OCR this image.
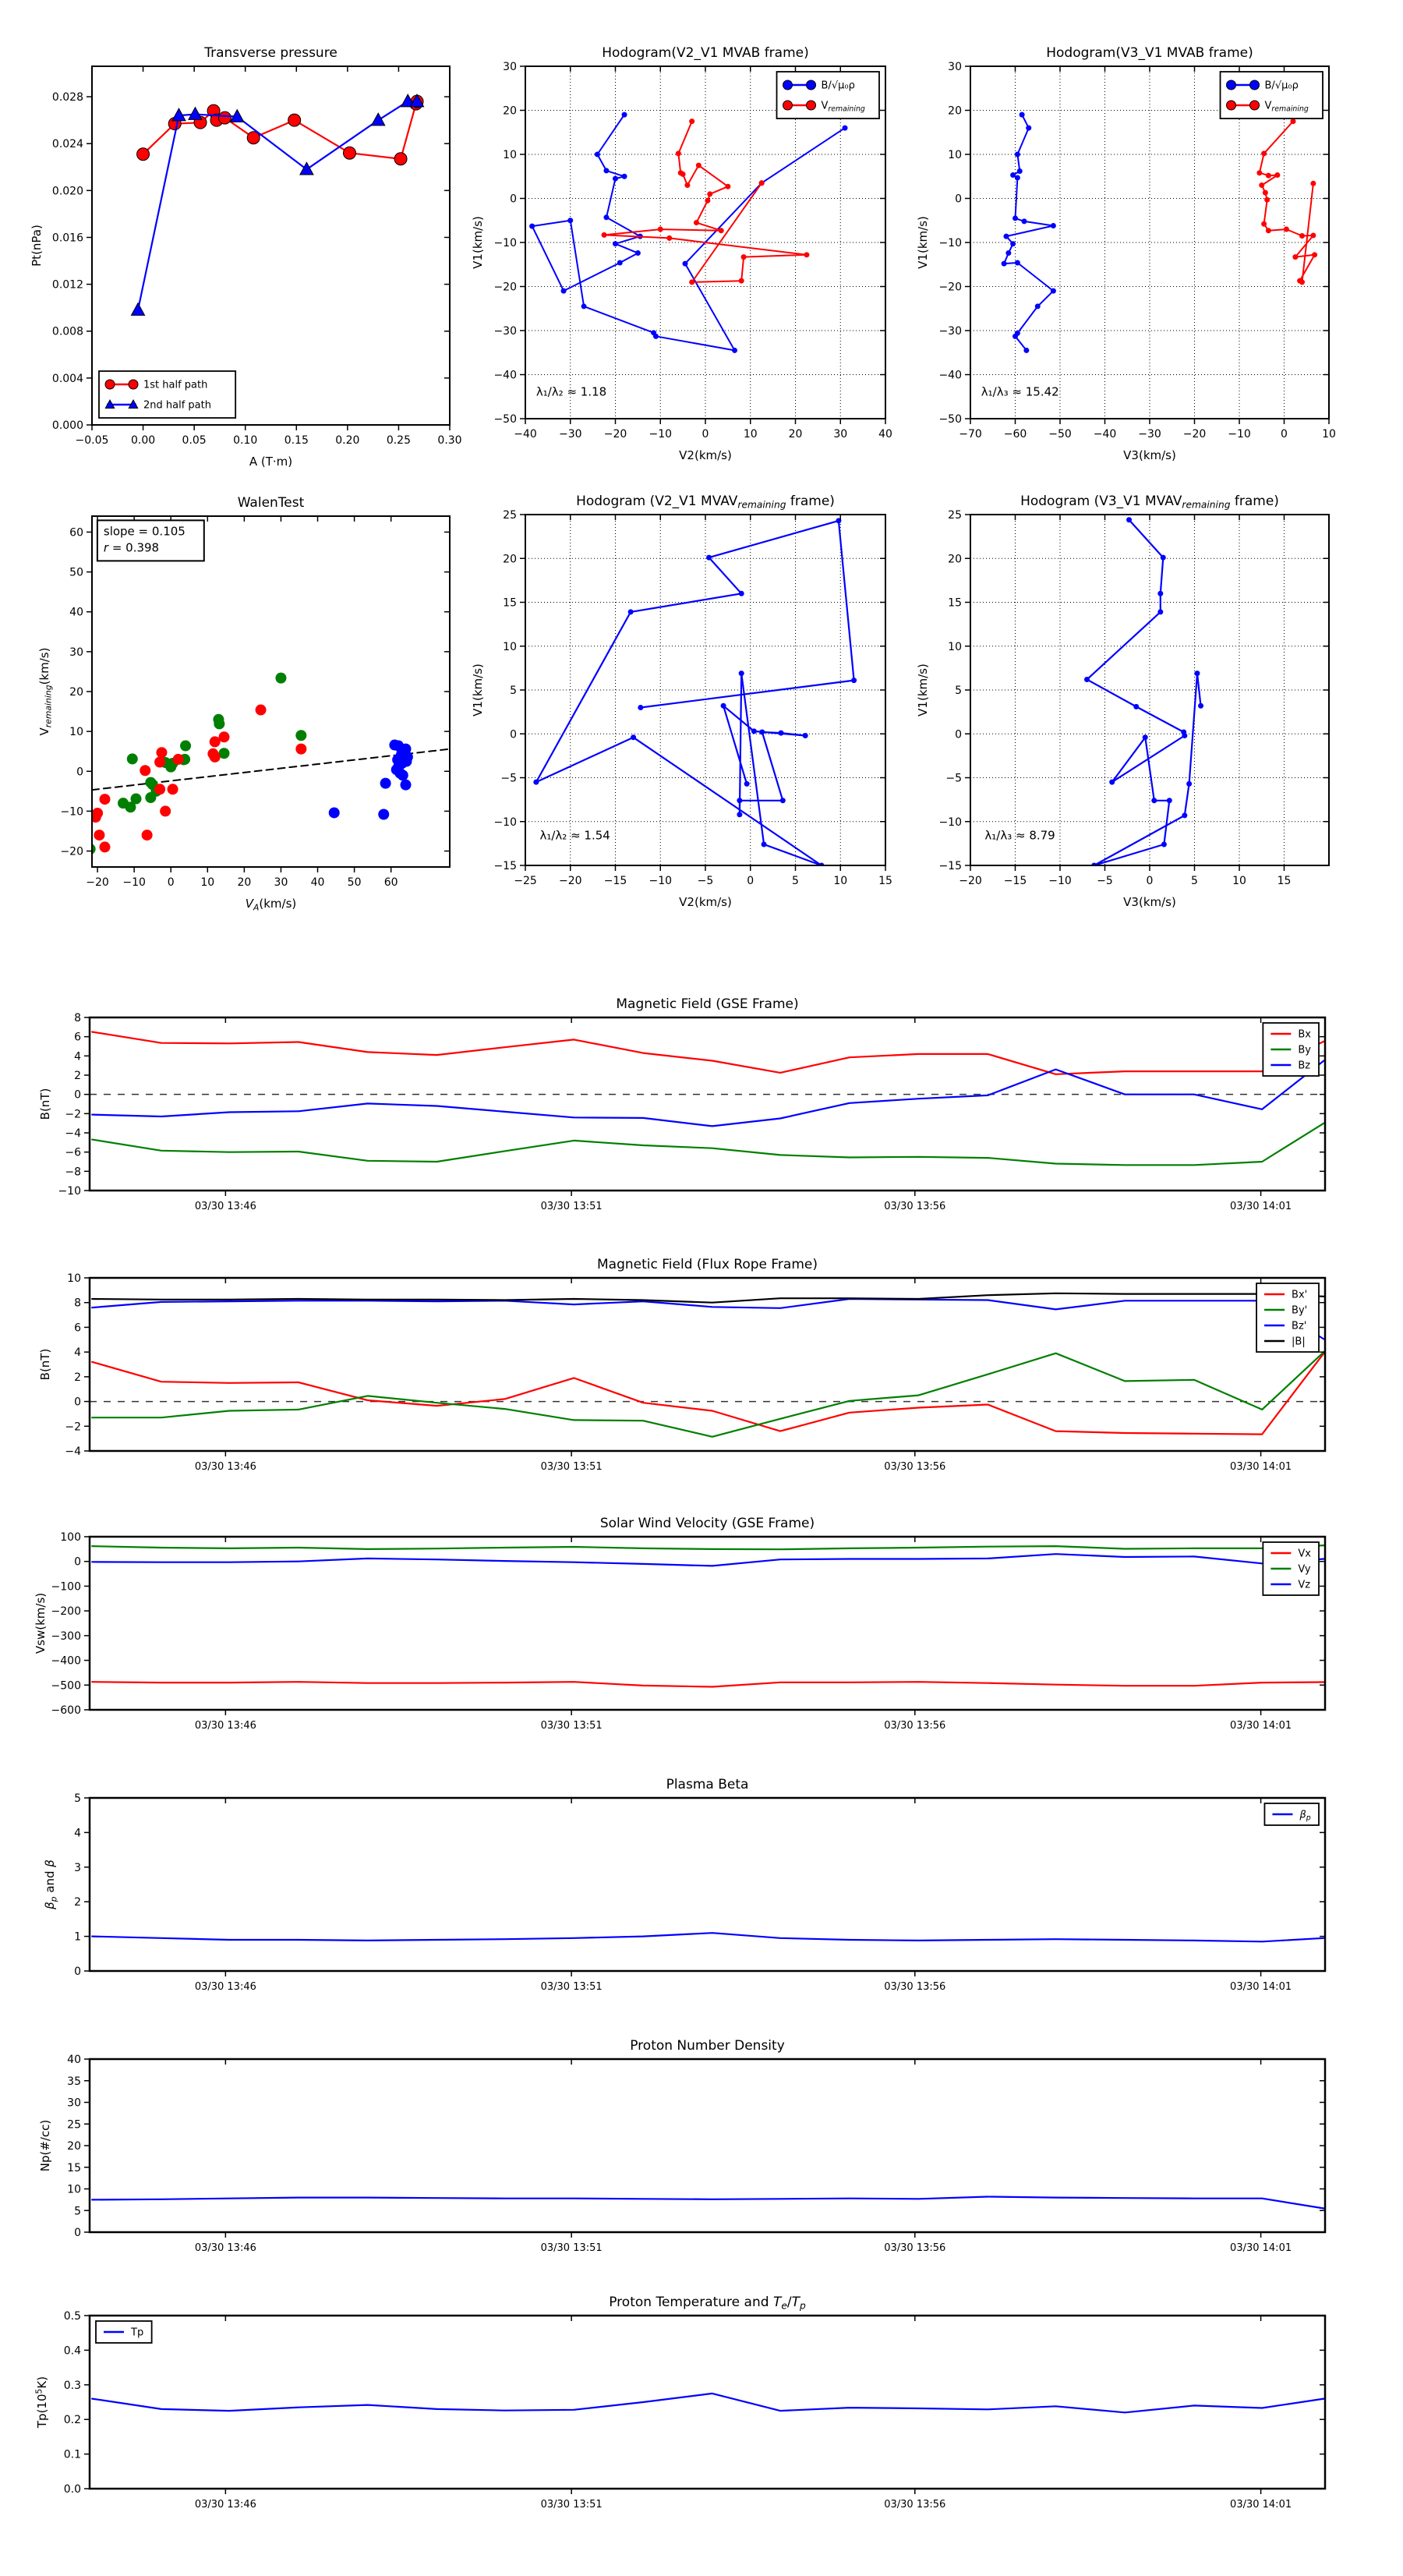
−0.05 0.00 0.05 0.10 0.15 0.20 0.25 0.30
0.000
0.004
0.008
0.012
0.016
0.020
0.024
0.028
Transverse pressure
A (T·m)
Pt(nPa)
1st half path
2nd half path
−40 −30 −20 −10	0	10	20	30	40
−50
−40
−30
−20
−10
0
10
20
30
Hodogram(V2_V1 MVAB frame)
V2(km/s)
V1(km/s)
λ₁/λ₂ ≈ 1.18
B/√μ₀ρ
$V_{remaining}$
−70 −60 −50 −40 −30 −20 −10	0	10
−50
−40
−30
−20
−10
0
10
20
30
Hodogram(V3_V1 MVAB frame)
V3(km/s)
V1(km/s)
λ₁/λ₃ ≈ 15.42
B/√μ₀ρ
$V_{remaining}$
−20 −10 0 10 20 30 40 50 60
−20
−10
0
10
20
30
40
50
60
WalenTest
$V_A(km/s)$
$V_{remaining}(km/s)$
slope = 0.105
r = 0.398
−25 −20 −15 −10 −5	0	5	10	15
−15
−10
−5
0
5
10
15
20
25
Hodogram (V2_V1 $MVAV_{remaining}$ frame)
V2(km/s)
V1(km/s)
λ₁/λ₂ ≈ 1.54
−20 −15 −10 −5	0	5	10	15
−15
−10
−5
0
5
10
15
20
25
Hodogram (V3_V1 $MVAV_{remaining}$ frame)
V3(km/s)
V1(km/s)
λ₁/λ₃ ≈ 8.79
03/30 13:46	03/30 13:51	03/30 13:56	03/30 14:01
−10
−8
−6
−4
−2
0
2
4
6
8
Magnetic Field (GSE Frame)
B(nT)
Bx
By
Bz
03/30 13:46	03/30 13:51	03/30 13:56	03/30 14:01
−4
−2
0
2
4
6
8
10
Magnetic Field (Flux Rope Frame)
B(nT)
Bx'
By'
Bz'
|B|
03/30 13:46	03/30 13:51	03/30 13:56	03/30 14:01
−600
−500
−400
−300
−200
−100
0
100
Solar Wind Velocity (GSE Frame)
Vsw(km/s)
Vx
Vy
Vz
03/30 13:46	03/30 13:51	03/30 13:56	03/30 14:01
0
1
2
3
4
5
Plasma Beta
$\beta_p$ and β
$\beta_p$
03/30 13:46	03/30 13:51	03/30 13:56	03/30 14:01
0
5
10
15
20
25
30
35
40
Proton Number Density
Np(#/cc)
03/30 13:46	03/30 13:51	03/30 13:56	03/30 14:01
0.0
0.1
0.2
0.3
0.4
0.5
Proton Temperature and $T_e/T_p$
$Tp(10^5K)$
Tp
